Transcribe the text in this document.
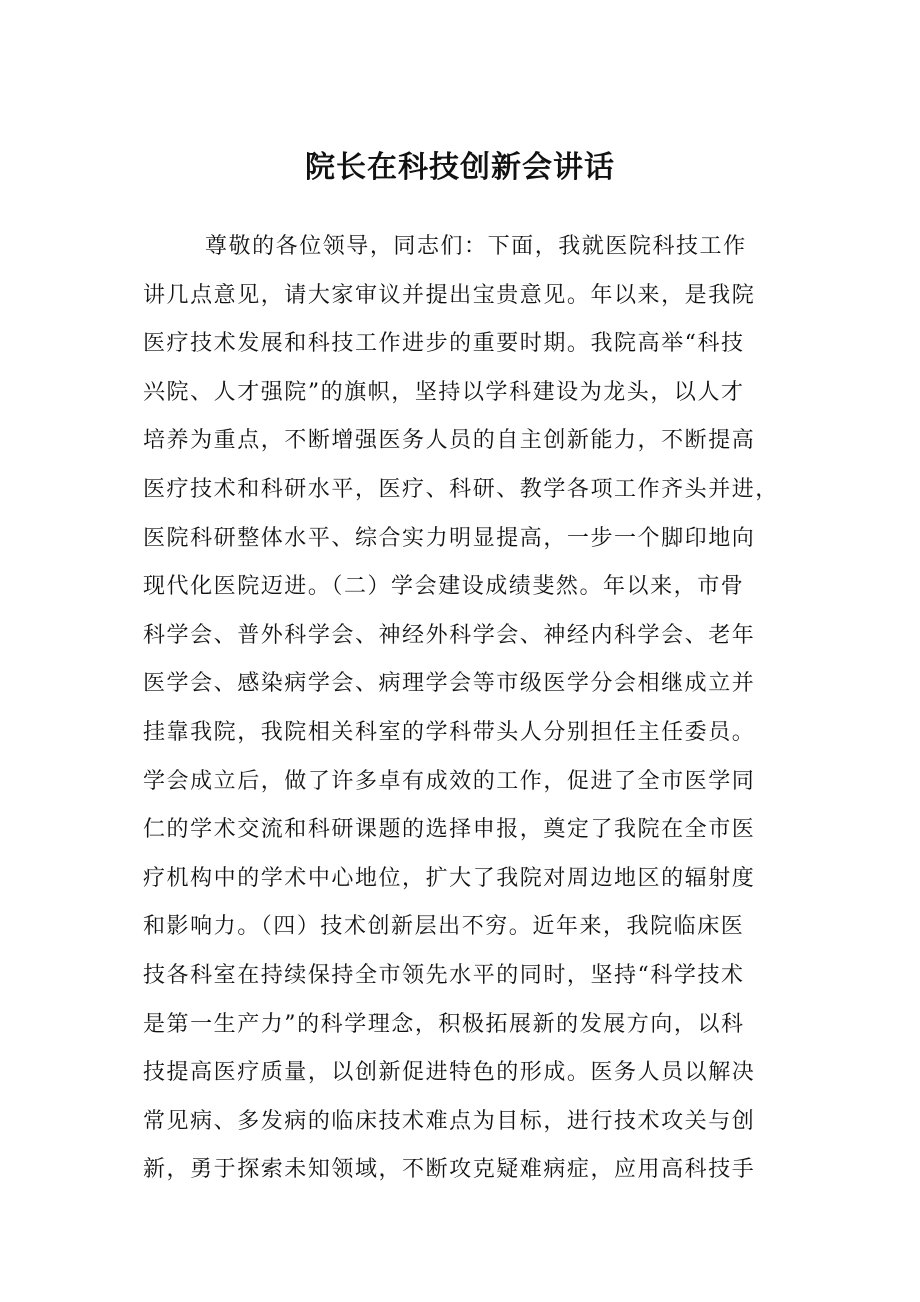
院长在科技创新会讲话
尊敬的各位领导，同志们：下面，我就医院科技工作
讲几点意见，请大家审议并提出宝贵意见。年以来，是我院
医疗技术发展和科技工作进步的重要时期。我院高举“科技
兴院、人才强院”的旗帜，坚持以学科建设为龙头，以人才
培养为重点，不断增强医务人员的自主创新能力，不断提高
医疗技术和科研水平，医疗、科研、教学各项工作齐头并进，
医院科研整体水平、综合实力明显提高，一步一个脚印地向
现代化医院迈进。（二）学会建设成绩斐然。年以来，市骨
科学会、普外科学会、神经外科学会、神经内科学会、老年
医学会、感染病学会、病理学会等市级医学分会相继成立并
挂靠我院，我院相关科室的学科带头人分别担任主任委员。
学会成立后，做了许多卓有成效的工作，促进了全市医学同
仁的学术交流和科研课题的选择申报，奠定了我院在全市医
疗机构中的学术中心地位，扩大了我院对周边地区的辐射度
和影响力。（四）技术创新层出不穷。近年来，我院临床医
技各科室在持续保持全市领先水平的同时，坚持“科学技术
是第一生产力”的科学理念，积极拓展新的发展方向，以科
技提高医疗质量，以创新促进特色的形成。医务人员以解决
常见病、多发病的临床技术难点为目标，进行技术攻关与创
新，勇于探索未知领域，不断攻克疑难病症，应用高科技手
